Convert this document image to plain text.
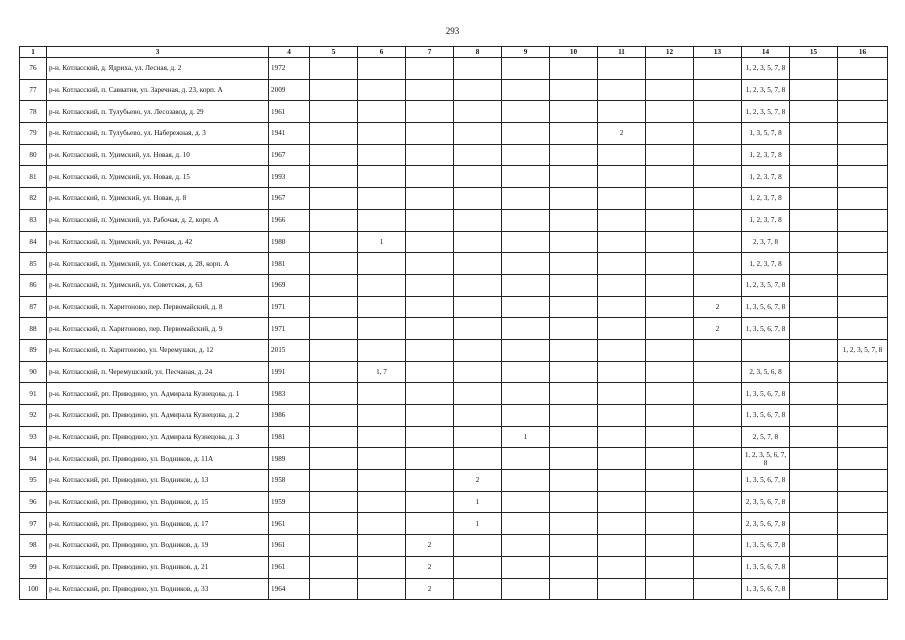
293
1	3	4	5	6	7	8	9	10	11	12	13	14	15	16
76	р-н. Котласский, д. Ядриха, ул. Лесная, д. 2	1972										1, 2, 3, 5, 7, 8		
77	р-н. Котласский, п. Савватия, ул. Заречная, д. 23, корп. А	2009										1, 2, 3, 5, 7, 8		
78	р-н. Котласский, п. Тулубьево, ул. Лесозавод, д. 29	1961										1, 2, 3, 5, 7, 8		
79	р-н. Котласский, п. Тулубьево, ул. Набережная, д. 3	1941							2			1, 3, 5, 7, 8		
80	р-н. Котласский, п. Удимский, ул. Новая, д. 10	1967										1, 2, 3, 7, 8		
81	р-н. Котласский, п. Удимский, ул. Новая, д. 15	1993										1, 2, 3, 7, 8		
82	р-н. Котласский, п. Удимский, ул. Новая, д. 8	1967										1, 2, 3, 7, 8		
83	р-н. Котласский, п. Удимский, ул. Рабочая, д. 2, корп. А	1966										1, 2, 3, 7, 8		
84	р-н. Котласский, п. Удимский, ул. Речная, д. 42	1980		1								2, 3, 7, 8		
85	р-н. Котласский, п. Удимский, ул. Советская, д. 28, корп. А	1981										1, 2, 3, 7, 8		
86	р-н. Котласский, п. Удимский, ул. Советская, д. 63	1969										1, 2, 3, 5, 7, 8		
87	р-н. Котласский, п. Харитоново, пер. Первомайский, д. 8	1971									2	1, 3, 5, 6, 7, 8		
88	р-н. Котласский, п. Харитоново, пер. Первомайский, д. 9	1971									2	1, 3, 5, 6, 7, 8		
89	р-н. Котласский, п. Харитоново, ул. Черемушки, д. 12	2015												1, 2, 3, 5, 7, 8
90	р-н. Котласский, п. Черемушский, ул. Песчаная, д. 24	1991		1, 7								2, 3, 5, 6, 8		
91	р-н. Котласский, рп. Приводино, ул. Адмирала Кузнецова, д. 1	1983										1, 3, 5, 6, 7, 8		
92	р-н. Котласский, рп. Приводино, ул. Адмирала Кузнецова, д. 2	1986										1, 3, 5, 6, 7, 8		
93	р-н. Котласский, рп. Приводино, ул. Адмирала Кузнецова, д. 3	1981					1					2, 5, 7, 8		
94	р-н. Котласский, рп. Приводино, ул. Водников, д. 11А	1989										1, 2, 3, 5, 6, 7, 8		
95	р-н. Котласский, рп. Приводино, ул. Водников, д. 13	1958				2						1, 3, 5, 6, 7, 8		
96	р-н. Котласский, рп. Приводино, ул. Водников, д. 15	1959				1						2, 3, 5, 6, 7, 8		
97	р-н. Котласский, рп. Приводино, ул. Водников, д. 17	1961				1						2, 3, 5, 6, 7, 8		
98	р-н. Котласский, рп. Приводино, ул. Водников, д. 19	1961			2							1, 3, 5, 6, 7, 8		
99	р-н. Котласский, рп. Приводино, ул. Водников, д. 21	1961			2							1, 3, 5, 6, 7, 8		
100	р-н. Котласский, рп. Приводино, ул. Водников, д. 33	1964			2							1, 3, 5, 6, 7, 8		
